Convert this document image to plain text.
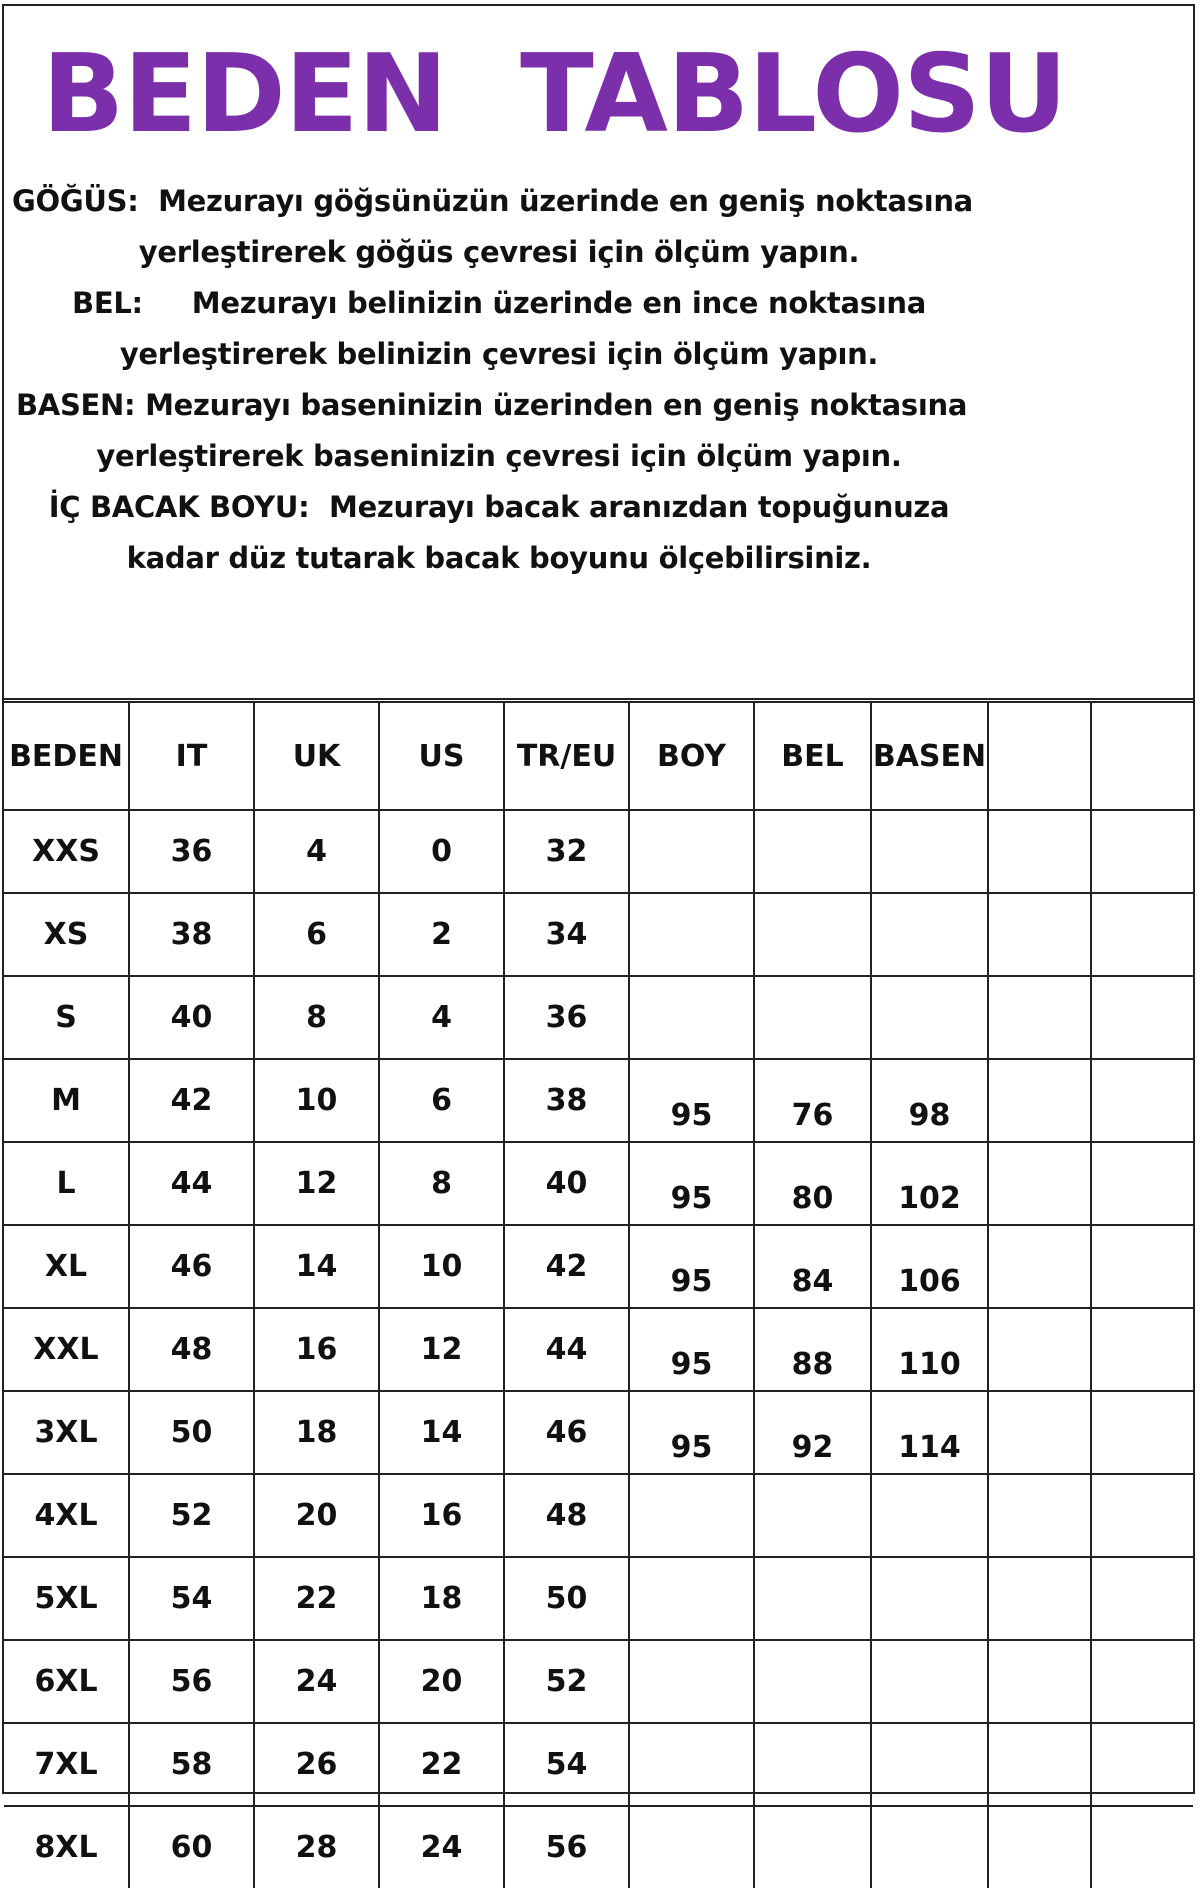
BEDEN  TABLOSU
GÖĞÜS:  Mezurayı göğsünüzün üzerinde en geniş noktasına
yerleştirerek göğüs çevresi için ölçüm yapın.
BEL:     Mezurayı belinizin üzerinde en ince noktasına
yerleştirerek belinizin çevresi için ölçüm yapın.
BASEN: Mezurayı baseninizin üzerinden en geniş noktasına
yerleştirerek baseninizin çevresi için ölçüm yapın.
İÇ BACAK BOYU:  Mezurayı bacak aranızdan topuğunuza
kadar düz tutarak bacak boyunu ölçebilirsiniz.
BEDEN	IT	UK	US	TR/EU	BOY	BEL	BASEN		
XXS	36	4	0	32					
XS	38	6	2	34					
S	40	8	4	36					
M	42	10	6	38	95	76	98		
L	44	12	8	40	95	80	102		
XL	46	14	10	42	95	84	106		
XXL	48	16	12	44	95	88	110		
3XL	50	18	14	46	95	92	114		
4XL	52	20	16	48					
5XL	54	22	18	50					
6XL	56	24	20	52					
7XL	58	26	22	54					
8XL	60	28	24	56					
